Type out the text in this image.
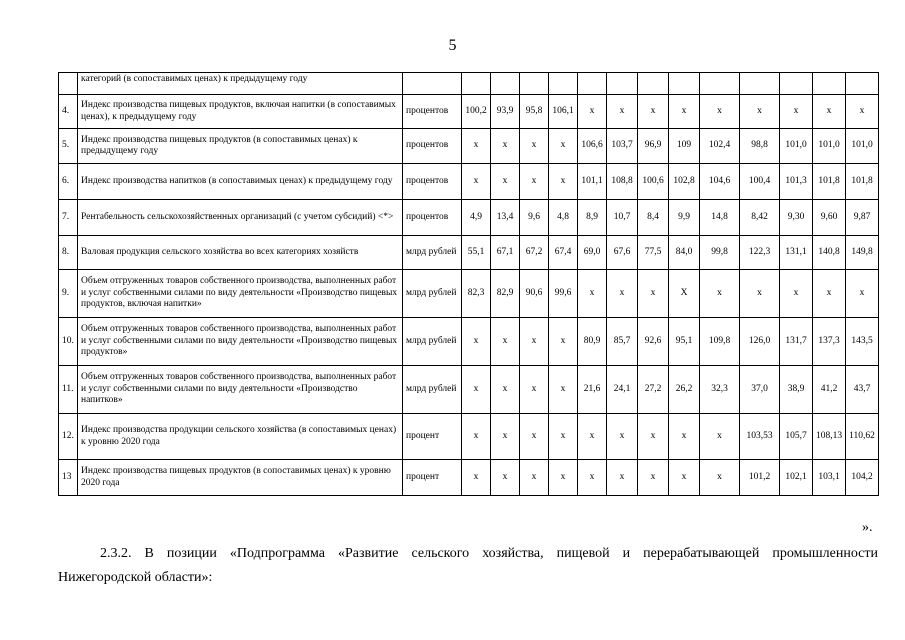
5
	категорий (в сопоставимых ценах) к предыдущему году														
4.	Индекс производства пищевых продуктов, включая напитки (в сопоставимых ценах), к предыдущему году	процентов	100,2	93,9	95,8	106,1	x	x	x	x	x	x	x	x	x
5.	Индекс производства пищевых продуктов (в сопоставимых ценах) к предыдущему году	процентов	x	x	x	x	106,6	103,7	96,9	109	102,4	98,8	101,0	101,0	101,0
6.	Индекс производства напитков (в сопоставимых ценах) к предыдущему году	процентов	x	x	x	x	101,1	108,8	100,6	102,8	104,6	100,4	101,3	101,8	101,8
7.	Рентабельность сельскохозяйственных организаций (с учетом субсидий) <*>	процентов	4,9	13,4	9,6	4,8	8,9	10,7	8,4	9,9	14,8	8,42	9,30	9,60	9,87
8.	Валовая продукция сельского хозяйства во всех категориях хозяйств	млрд рублей	55,1	67,1	67,2	67,4	69,0	67,6	77,5	84,0	99,8	122,3	131,1	140,8	149,8
9.	Объем отгруженных товаров собственного производства, выполненных работ и услуг собственными силами по виду деятельности «Производство пищевых продуктов, включая напитки»	млрд рублей	82,3	82,9	90,6	99,6	x	x	x	X	x	x	x	x	x
10.	Объем отгруженных товаров собственного производства, выполненных работ и услуг собственными силами по виду деятельности «Производство пищевых продуктов»	млрд рублей	x	x	x	x	80,9	85,7	92,6	95,1	109,8	126,0	131,7	137,3	143,5
11.	Объем отгруженных товаров собственного производства, выполненных работ и услуг собственными силами по виду деятельности «Производство напитков»	млрд рублей	x	x	x	x	21,6	24,1	27,2	26,2	32,3	37,0	38,9	41,2	43,7
12.	Индекс производства продукции сельского хозяйства (в сопоставимых ценах) к уровню 2020 года	процент	x	x	x	x	x	x	x	x	x	103,53	105,7	108,13	110,62
13	Индекс производства пищевых продуктов (в сопоставимых ценах) к уровню 2020 года	процент	x	x	x	x	x	x	x	x	x	101,2	102,1	103,1	104,2
».
2.3.2. В позиции «Подпрограмма «Развитие сельского хозяйства, пищевой и перерабатывающей промышленности Нижегородской области»:
